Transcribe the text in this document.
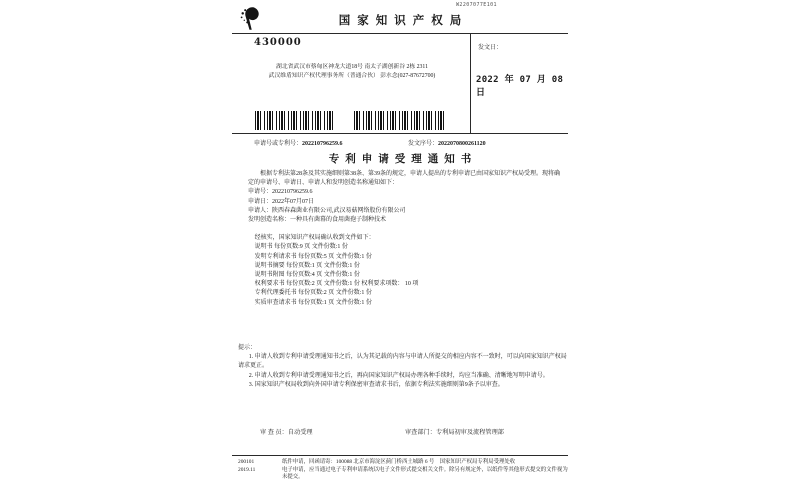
W2207077E101
国家知识产权局
430000
湖北省武汉市蔡甸区神龙大道18号 南太子湖创新谷 2栋 2311
武汉维盾知识产权代理事务所（普通合伙） 彭水念(027-87672700)
发文日：
2022 年 07 月 08 日
申请号或专利号：202210796259.6	发文序号：2022070800261120
专利申请受理通知书

根据专利法第28条及其实施细则第38条、第39条的规定，申请人提出的专利申请已由国家知识产权局受理。现将确定的申请号、申请日、申请人和发明创造名称通知如下：

申请号：202210796259.6
申请日：2022年07月07日
申请人：陕西春森菌业有限公司,武汉易菇网络股份有限公司
发明创造名称：一种具有菌幕的食用菌孢子制种技术
经核实，国家知识产权局确认收到文件如下：
说明书 每份页数:9 页 文件份数:1 份
发明专利请求书 每份页数:5 页 文件份数:1 份
说明书摘要 每份页数:1 页 文件份数:1 份
说明书附图 每份页数:4 页 文件份数:1 份
权利要求书 每份页数:2 页 文件份数:1 份 权利要求项数： 10 项
专利代理委托书 每份页数:2 页 文件份数:1 份
实质审查请求书 每份页数:1 页 文件份数:1 份

提示：

1. 申请人收到专利申请受理通知书之后，认为其记载的内容与申请人所提交的相应内容不一致时，可以向国家知识产权局请求更正。

2. 申请人收到专利申请受理通知书之后，再向国家知识产权局办理各种手续时，均应当准确、清晰地写明申请号。

3. 国家知识产权局收到向外国申请专利保密审查请求书后，依据专利法实施细则第9条予以审查。

审 查 员：自动受理	审查部门：专利局初审及流程管理部
200101	纸件申请，回函请寄：100088 北京市海淀区蓟门桥西土城路 6 号　国家知识产权局专利局受理处收
2019.11	电子申请，应当通过电子专利申请系统以电子文件形式提交相关文件。除另有规定外，以纸件等其他形式提交的文件视为未提交。
